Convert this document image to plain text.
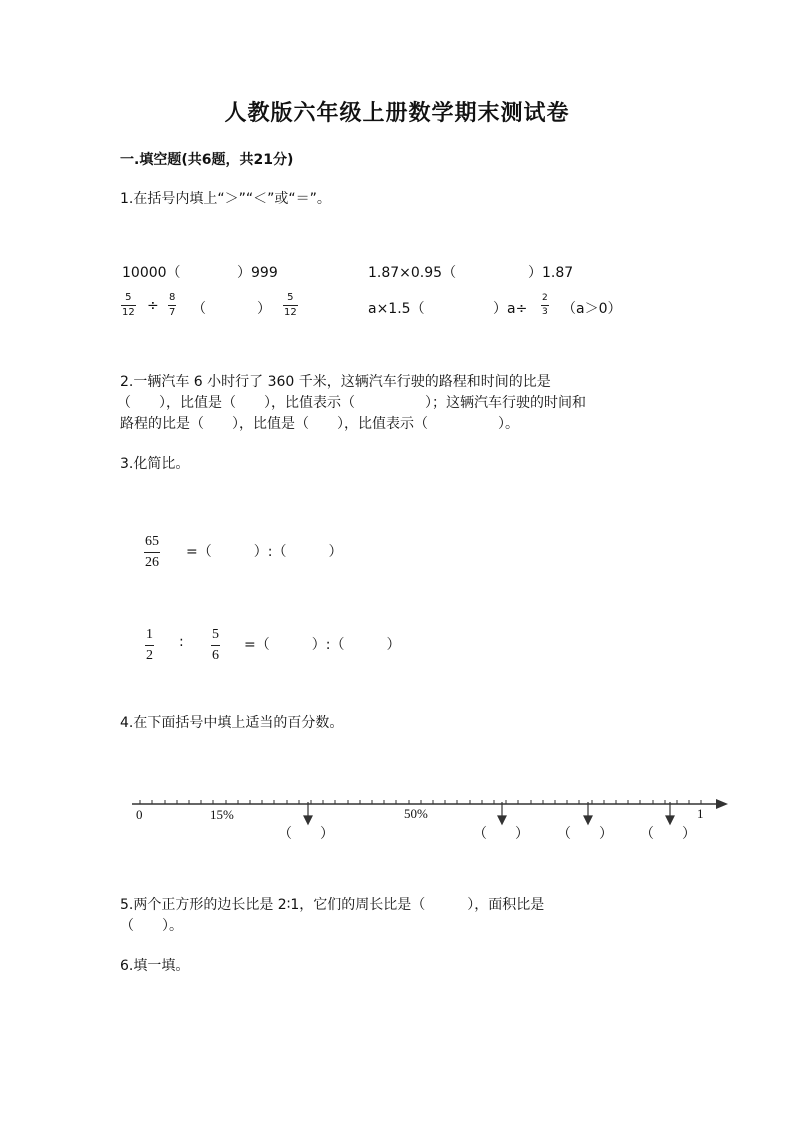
人教版六年级上册数学期末测试卷
一.填空题(共6题，共21分)
1.在括号内填上“＞”“＜”或“＝”。
10000（	）999	1.87×0.95（	）1.87
5
12 ÷
8
7 （	）
5
12	a×1.5（	）a÷
2
3 （a＞0）
2.一辆汽车 6 小时行了 360 千米，这辆汽车行驶的路程和时间的比是
（　　），比值是（　　），比值表示（　　　　　）；这辆汽车行驶的时间和
路程的比是（　　），比值是（　　），比值表示（　　　　　）。
3.化简比。
65
26
=（　　　）:（　　　）
1
2
: 5
6
=（　　　）:（　　　）
4.在下面括号中填上适当的百分数。
0	15%	50%	1
（　　）	（　　） （　　） （　　）
5.两个正方形的边长比是 2∶1，它们的周长比是（　　　），面积比是
（　　）。
6.填一填。
